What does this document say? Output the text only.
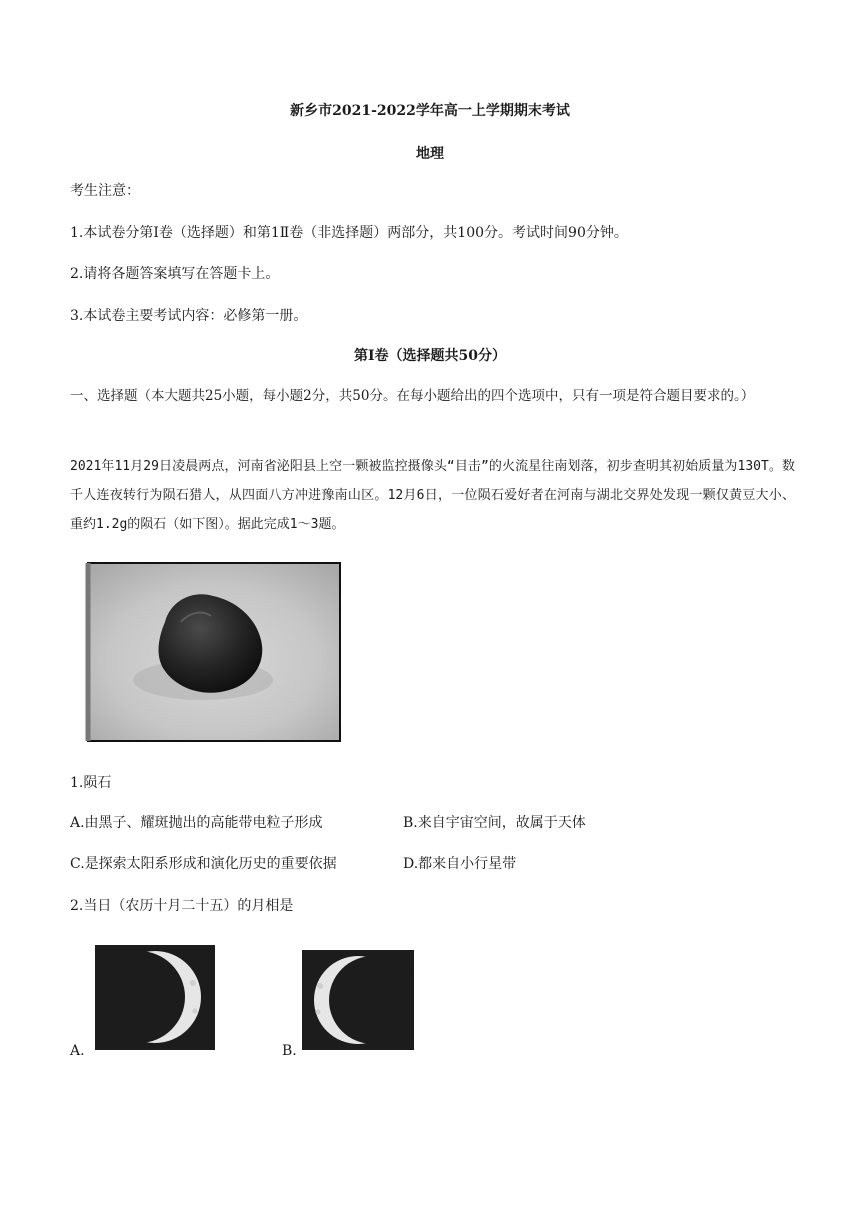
新乡市2021-2022学年高一上学期期末考试
地理
考生注意：
1.本试卷分第Ⅰ卷（选择题）和第1Ⅱ卷（非选择题）两部分，共100分。考试时间90分钟。
2.请将各题答案填写在答题卡上。
3.本试卷主要考试内容：必修第一册。
第Ⅰ卷（选择题共50分）
一、选择题（本大题共25小题，每小题2分，共50分。在每小题给出的四个选项中，只有一项是符合题目要求的。）
2021年11月29日凌晨两点，河南省泌阳县上空一颗被监控摄像头“目击”的火流星往南划落，初步查明其初始质量为130T。数千人连夜转行为陨石猎人，从四面八方冲进豫南山区。12月6日，一位陨石爱好者在河南与湖北交界处发现一颗仅黄豆大小、重约1.2g的陨石（如下图）。据此完成1～3题。
1.陨石
A.由黑子、耀斑抛出的高能带电粒子形成	B.来自宇宙空间，故属于天体
C.是探索太阳系形成和演化历史的重要依据	D.都来自小行星带
2.当日（农历十月二十五）的月相是
A.	B.
